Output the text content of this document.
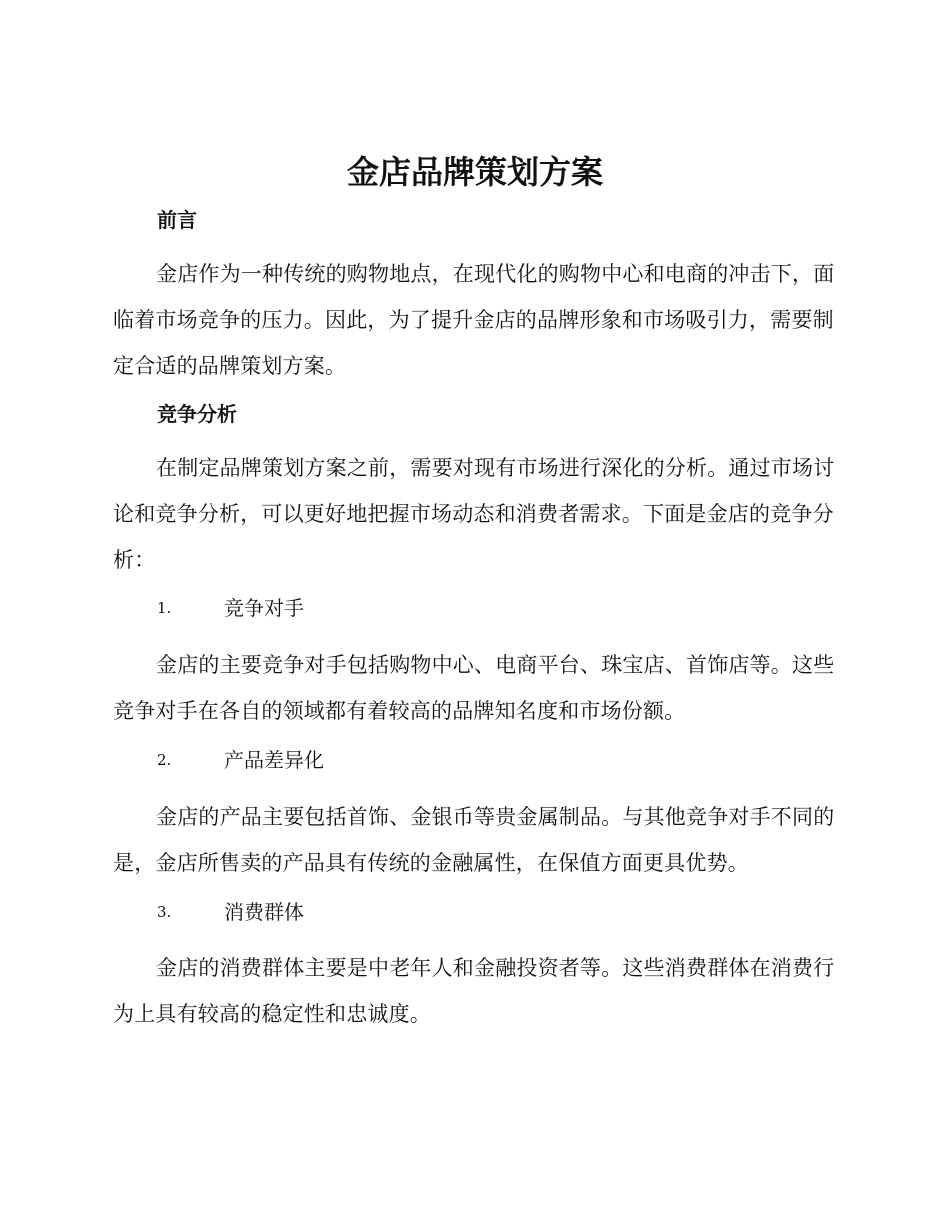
金店品牌策划方案
前言

金店作为一种传统的购物地点，在现代化的购物中心和电商的冲击下，面临着市场竞争的压力。因此，为了提升金店的品牌形象和市场吸引力，需要制定合适的品牌策划方案。

竞争分析

在制定品牌策划方案之前，需要对现有市场进行深化的分析。通过市场讨论和竞争分析，可以更好地把握市场动态和消费者需求。下面是金店的竞争分析：

1.	竞争对手

金店的主要竞争对手包括购物中心、电商平台、珠宝店、首饰店等。这些竞争对手在各自的领域都有着较高的品牌知名度和市场份额。

2.	产品差异化

金店的产品主要包括首饰、金银币等贵金属制品。与其他竞争对手不同的是，金店所售卖的产品具有传统的金融属性，在保值方面更具优势。

3.	消费群体

金店的消费群体主要是中老年人和金融投资者等。这些消费群体在消费行为上具有较高的稳定性和忠诚度。
